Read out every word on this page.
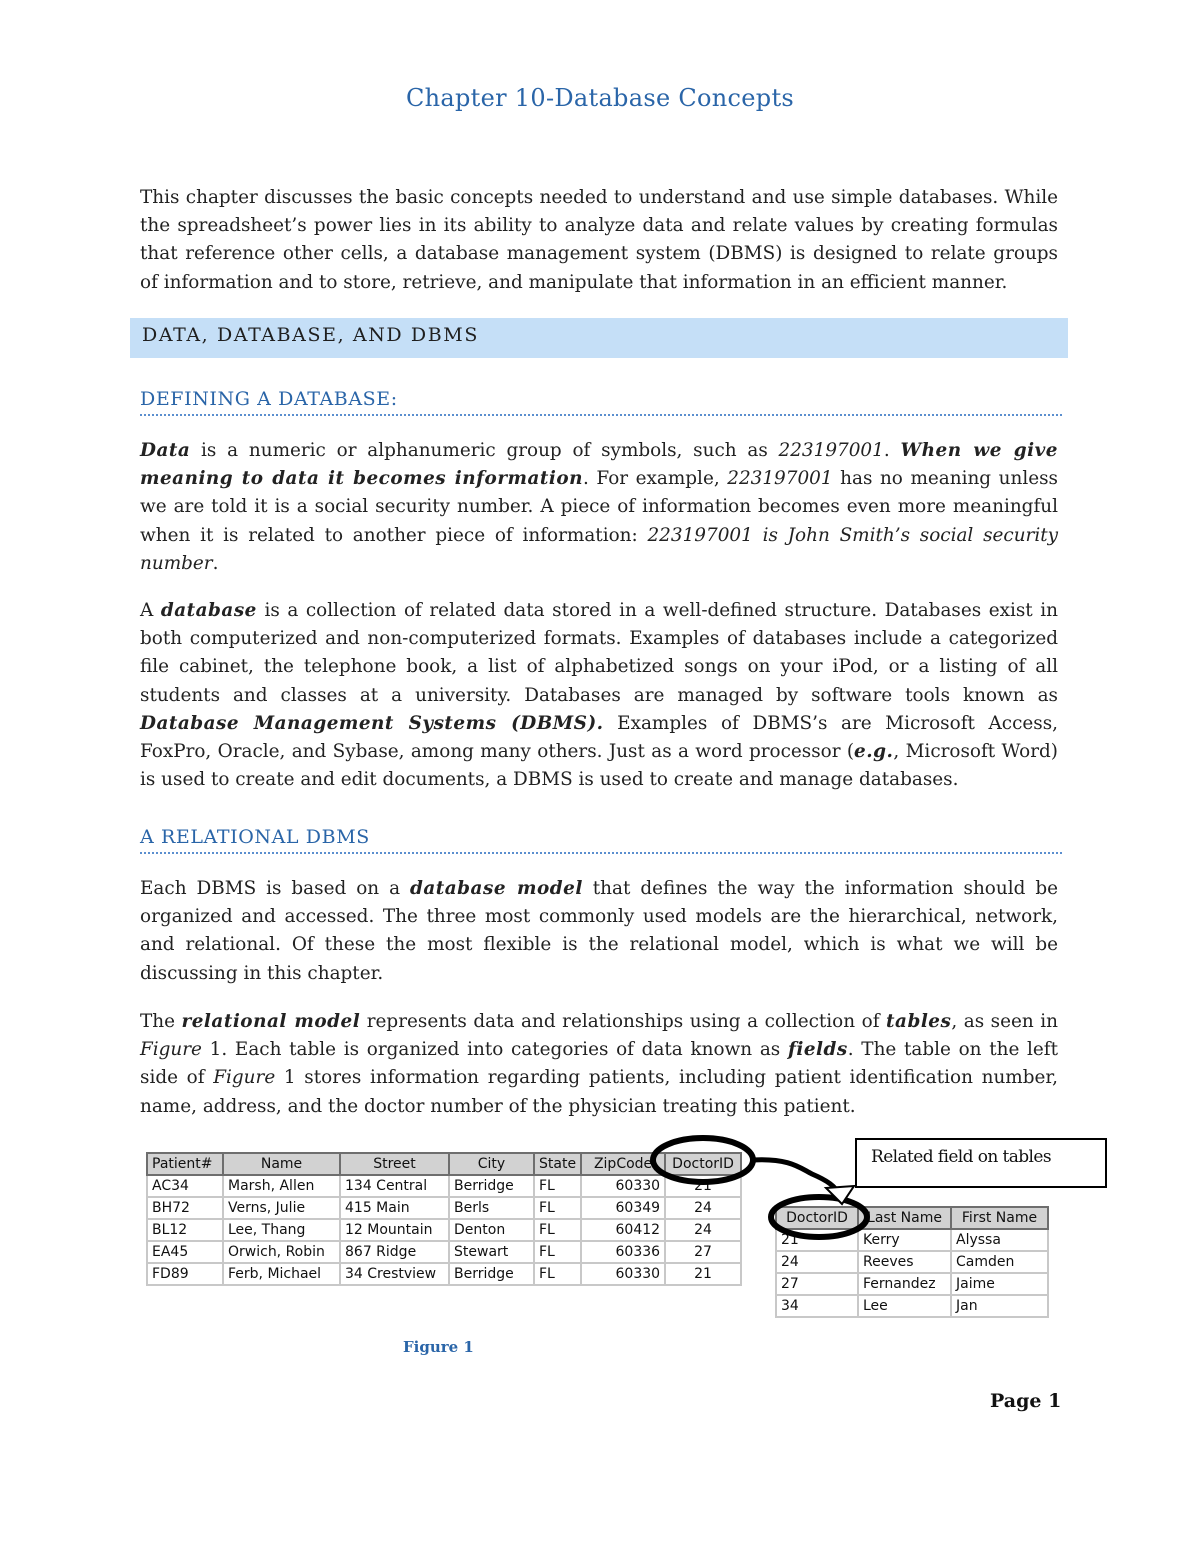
Chapter 10-Database Concepts

This chapter discusses the basic concepts needed to understand and use simple databases. While the spreadsheet’s power lies in its ability to analyze data and relate values by creating formulas that reference other cells, a database management system (DBMS) is designed to relate groups of information and to store, retrieve, and manipulate that information in an efficient manner.

DATA, DATABASE, AND DBMS
DEFINING A DATABASE:

Data is a numeric or alphanumeric group of symbols, such as 223197001. When we give meaning to data it becomes information. For example, 223197001 has no meaning unless we are told it is a social security number. A piece of information becomes even more meaningful when it is related to another piece of information: 223197001 is John Smith’s social security number.

A database is a collection of related data stored in a well-defined structure. Databases exist in both computerized and non-computerized formats. Examples of databases include a categorized file cabinet, the telephone book, a list of alphabetized songs on your iPod, or a listing of all students and classes at a university. Databases are managed by software tools known as Database Management Systems (DBMS). Examples of DBMS’s are Microsoft Access, FoxPro, Oracle, and Sybase, among many others. Just as a word processor (e.g., Microsoft Word) is used to create and edit documents, a DBMS is used to create and manage databases.

A RELATIONAL DBMS

Each DBMS is based on a database model that defines the way the information should be organized and accessed. The three most commonly used models are the hierarchical, network, and relational. Of these the most flexible is the relational model, which is what we will be discussing in this chapter.

The relational model represents data and relationships using a collection of tables, as seen in Figure 1. Each table is organized into categories of data known as fields. The table on the left side of Figure 1 stores information regarding patients, including patient identification number, name, address, and the doctor number of the physician treating this patient.

Patient#	Name	Street	City	State	ZipCode	DoctorID
AC34	Marsh, Allen	134 Central	Berridge	FL	60330	21
BH72	Verns, Julie	415 Main	Berls	FL	60349	24
BL12	Lee, Thang	12 Mountain	Denton	FL	60412	24
EA45	Orwich, Robin	867 Ridge	Stewart	FL	60336	27
FD89	Ferb, Michael	34 Crestview	Berridge	FL	60330	21
DoctorID	Last Name	First Name
21	Kerry	Alyssa
24	Reeves	Camden
27	Fernandez	Jaime
34	Lee	Jan
Related field on tables
Figure 1
Page 1
